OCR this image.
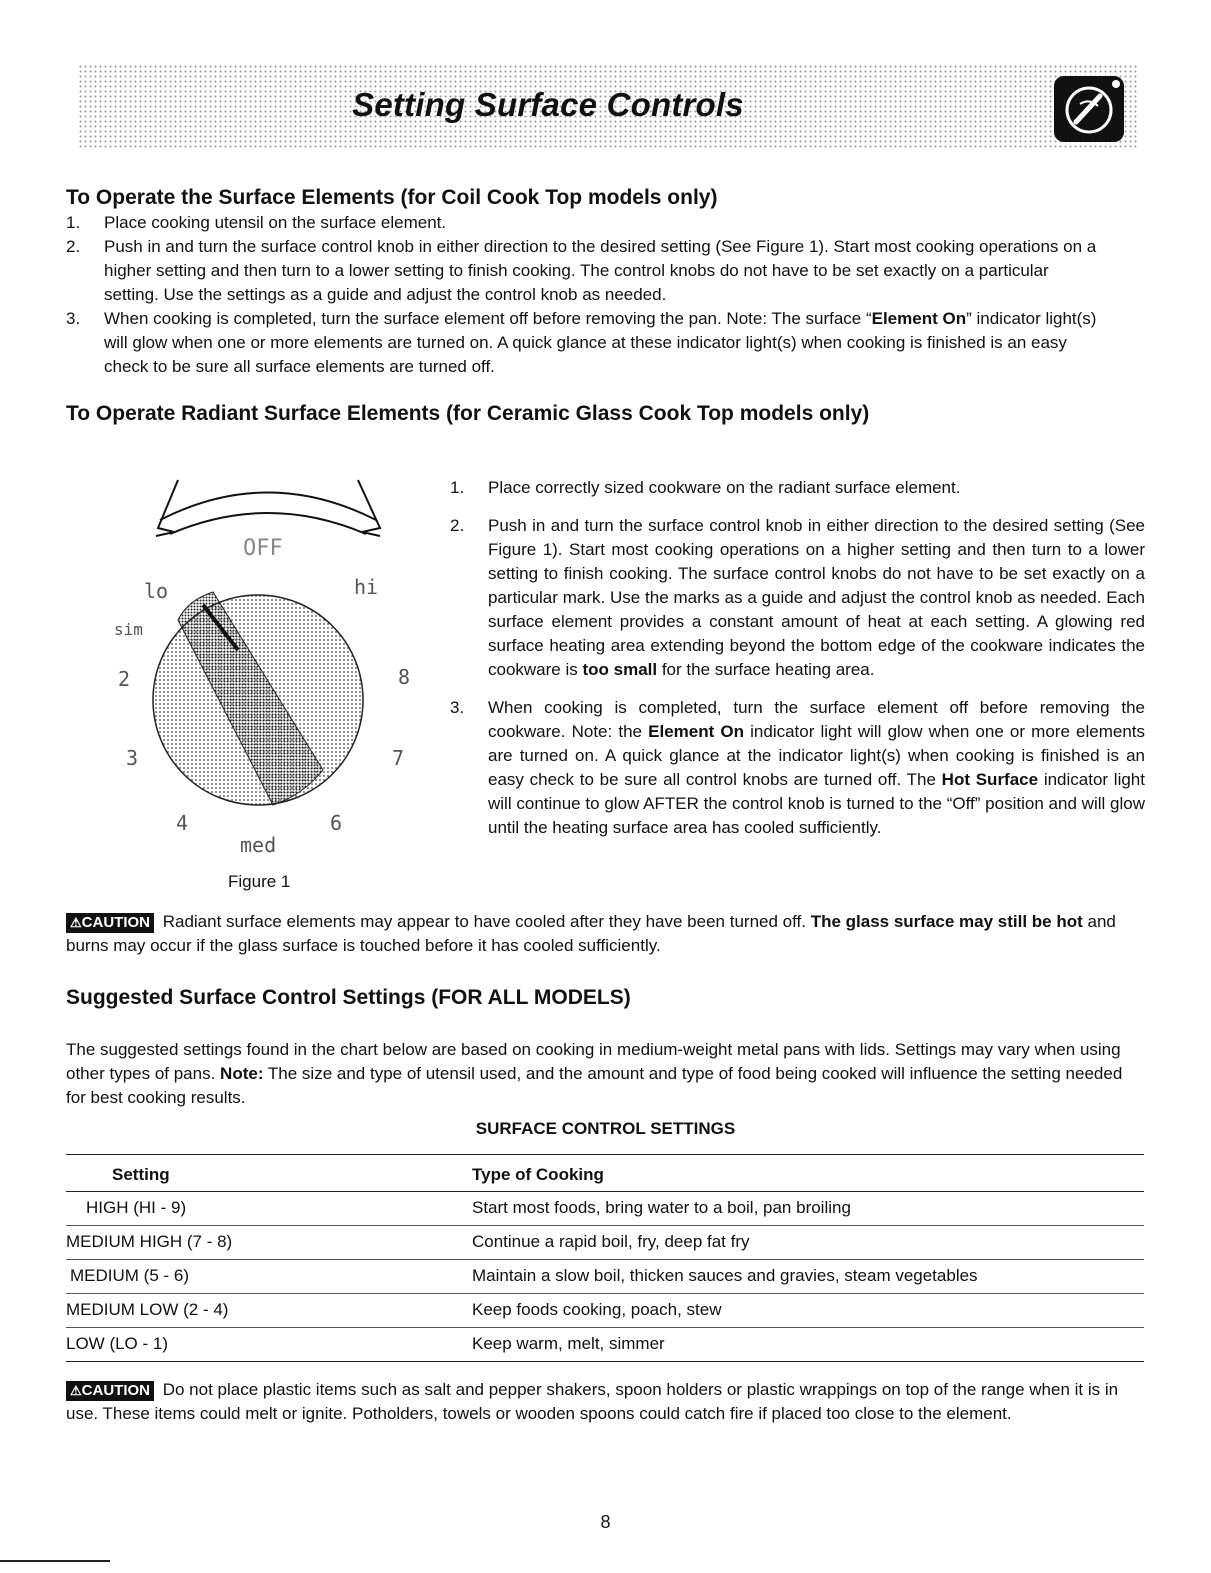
Setting Surface Controls
To Operate the Surface Elements (for Coil Cook Top models only)
1. Place cooking utensil on the surface element.
2. Push in and turn the surface control knob in either direction to the desired setting (See Figure 1). Start most cooking operations on a higher setting and then turn to a lower setting to finish cooking. The control knobs do not have to be set exactly on a particular setting. Use the settings as a guide and adjust the control knob as needed.
3. When cooking is completed, turn the surface element off before removing the pan. Note: The surface “Element On” indicator light(s) will glow when one or more elements are turned on. A quick glance at these indicator light(s) when cooking is finished is an easy check to be sure all surface elements are turned off.
To Operate Radiant Surface Elements (for Ceramic Glass Cook Top models only)
OFF
lo	hi
sim
2	8
3	7
4	6
med
Figure 1
1. Place correctly sized cookware on the radiant surface element.
2. Push in and turn the surface control knob in either direction to the desired setting (See Figure 1). Start most cooking operations on a higher setting and then turn to a lower setting to finish cooking. The surface control knobs do not have to be set exactly on a particular mark. Use the marks as a guide and adjust the control knob as needed. Each surface element provides a constant amount of heat at each setting. A glowing red surface heating area extending beyond the bottom edge of the cookware indicates the cookware is too small for the surface heating area.
3. When cooking is completed, turn the surface element off before removing the cookware. Note: the Element On indicator light will glow when one or more elements are turned on. A quick glance at the indicator light(s) when cooking is finished is an easy check to be sure all control knobs are turned off. The Hot Surface indicator light will continue to glow AFTER the control knob is turned to the “Off” position and will glow until the heating surface area has cooled sufficiently.

⚠CAUTION Radiant surface elements may appear to have cooled after they have been turned off. The glass surface may still be hot and burns may occur if the glass surface is touched before it has cooled sufficiently.

Suggested Surface Control Settings (FOR ALL MODELS)

The suggested settings found in the chart below are based on cooking in medium-weight metal pans with lids. Settings may vary when using other types of pans. Note: The size and type of utensil used, and the amount and type of food being cooked will influence the setting needed for best cooking results.

SURFACE CONTROL SETTINGS
Setting	Type of Cooking
HIGH (HI - 9)	Start most foods, bring water to a boil, pan broiling
MEDIUM HIGH (7 - 8)	Continue a rapid boil, fry, deep fat fry
MEDIUM (5 - 6)	Maintain a slow boil, thicken sauces and gravies, steam vegetables
MEDIUM LOW (2 - 4)	Keep foods cooking, poach, stew
LOW (LO - 1)	Keep warm, melt, simmer

⚠CAUTION Do not place plastic items such as salt and pepper shakers, spoon holders or plastic wrappings on top of the range when it is in use. These items could melt or ignite. Potholders, towels or wooden spoons could catch fire if placed too close to the element.

8
